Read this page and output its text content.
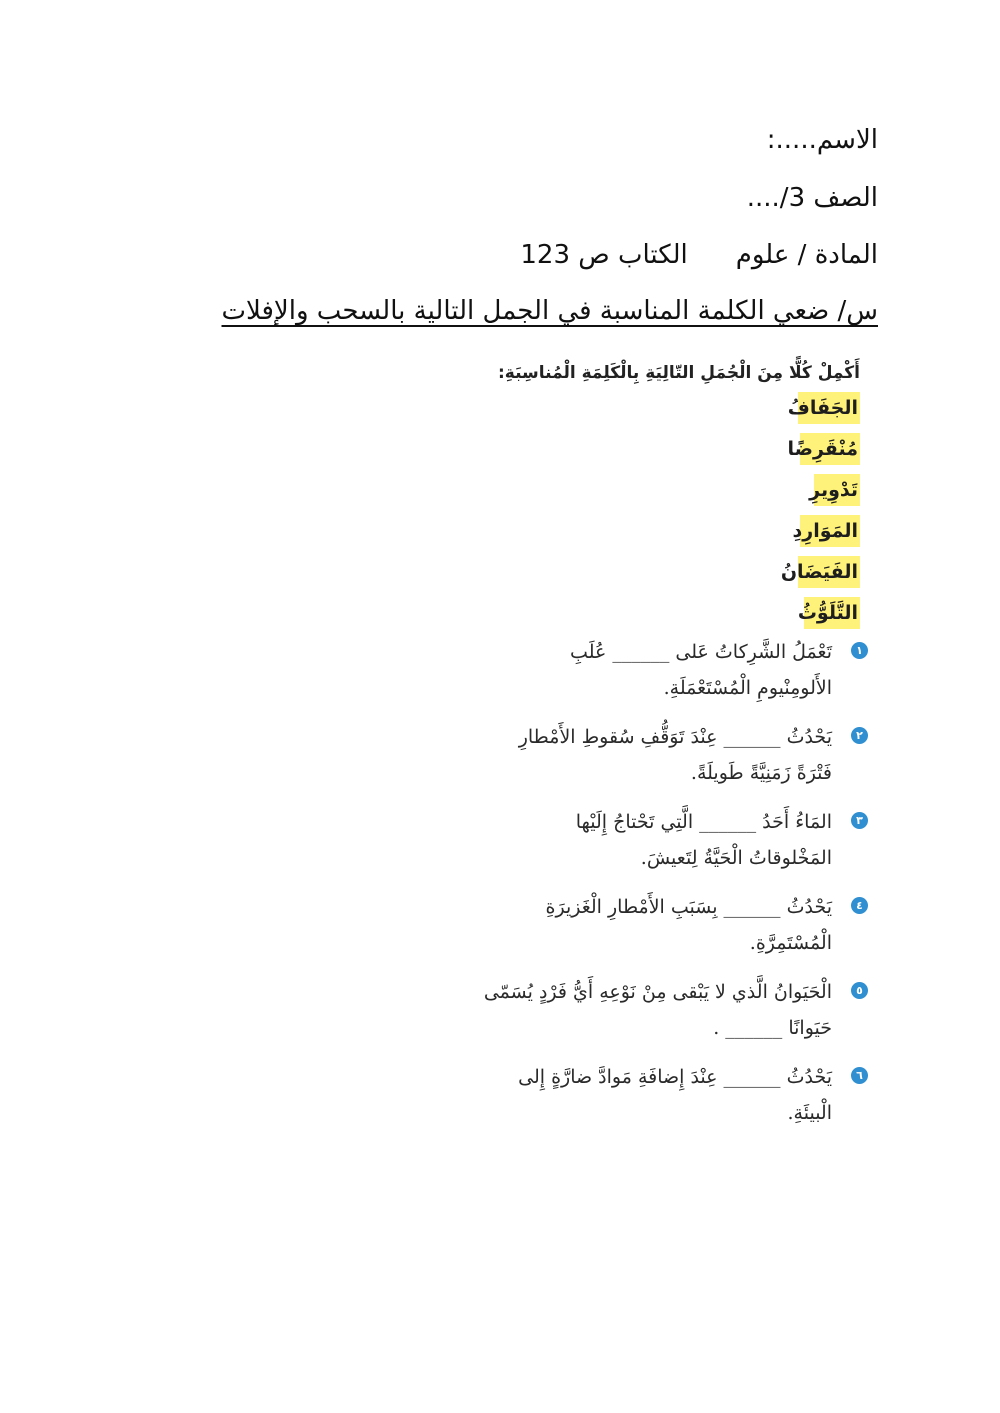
الاسم.....:
الصف 3/....
المادة / علومالكتاب ص 123
س/ ضعي الكلمة المناسبة في الجمل التالية بالسحب والإفلات
أَكْمِلْ كُلًّا مِنَ الْجُمَلِ التّالِيَةِ بِالْكَلِمَةِ الْمُناسِبَةِ:
الجَفَافُ
مُنْقَرِضًا
تَدْوِيرِ
المَوَارِدِ
الفَيَضَانُ
التَّلَوُّثُ
١
تَعْمَلُ الشَّرِكاتُ عَلى ______ عُلَبِ
الأَلومِنْيومِ الْمُسْتَعْمَلَةِ.
٢
يَحْدُثُ ______ عِنْدَ تَوَقُّفِ سُقوطِ الأَمْطارِ
فَتْرَةً زَمَنِيَّةً طَويلَةً.
٣
المَاءُ أَحَدُ ______ الَّتِي تَحْتاجُ إِلَيْها
المَخْلوقاتُ الْحَيَّةُ لِتَعيشَ.
٤
يَحْدُثُ ______ بِسَبَبِ الأَمْطارِ الْغَزيرَةِ
الْمُسْتَمِرَّةِ.
٥
الْحَيَوانُ الَّذي لا يَبْقى مِنْ نَوْعِهِ أَيُّ فَرْدٍ يُسَمّى
حَيَوانًا ______ .
٦
يَحْدُثُ ______ عِنْدَ إِضافَةِ مَوادَّ ضارَّةٍ إِلى
الْبيئَةِ.
